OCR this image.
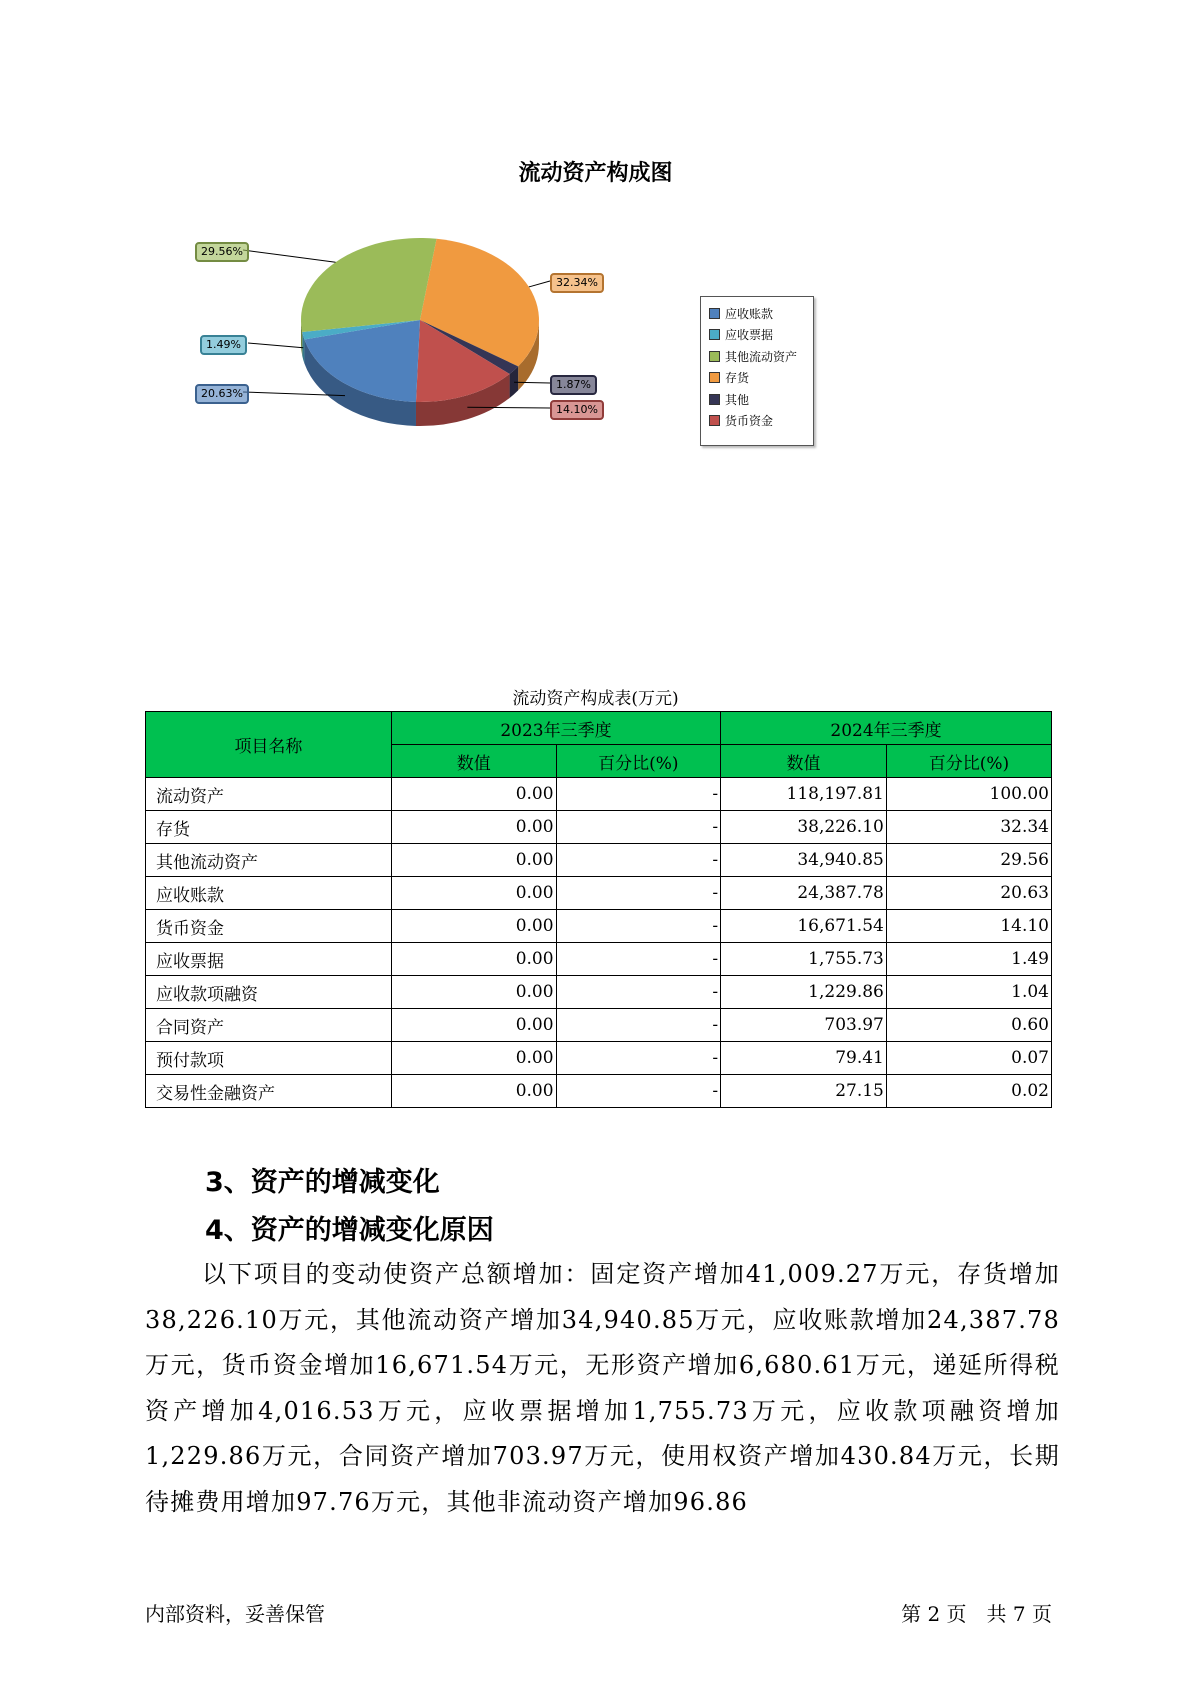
流动资产构成图
32.34%
1.87%
14.10%
20.63%
1.49%
29.56%
应收账款
应收票据
其他流动资产
存货
其他
货币资金
流动资产构成表(万元)
项目名称	2023年三季度		2024年三季度	
	数值	百分比(%)	数值	百分比(%)
流动资产	0.00	-	118,197.81	100.00
存货	0.00	-	38,226.10	32.34
其他流动资产	0.00	-	34,940.85	29.56
应收账款	0.00	-	24,387.78	20.63
货币资金	0.00	-	16,671.54	14.10
应收票据	0.00	-	1,755.73	1.49
应收款项融资	0.00	-	1,229.86	1.04
合同资产	0.00	-	703.97	0.60
预付款项	0.00	-	79.41	0.07
交易性金融资产	0.00	-	27.15	0.02
3、资产的增减变化
4、资产的增减变化原因
以下项目的变动使资产总额增加：固定资产增加41,009.27万元，存货增加38,226.10万元，其他流动资产增加34,940.85万元，应收账款增加24,387.78万元，货币资金增加16,671.54万元，无形资产增加6,680.61万元，递延所得税资产增加4,016.53万元，应收票据增加1,755.73万元，应收款项融资增加1,229.86万元，合同资产增加703.97万元，使用权资产增加430.84万元，长期待摊费用增加97.76万元，其他非流动资产增加96.86
内部资料，妥善保管	第 2 页　共 7 页
